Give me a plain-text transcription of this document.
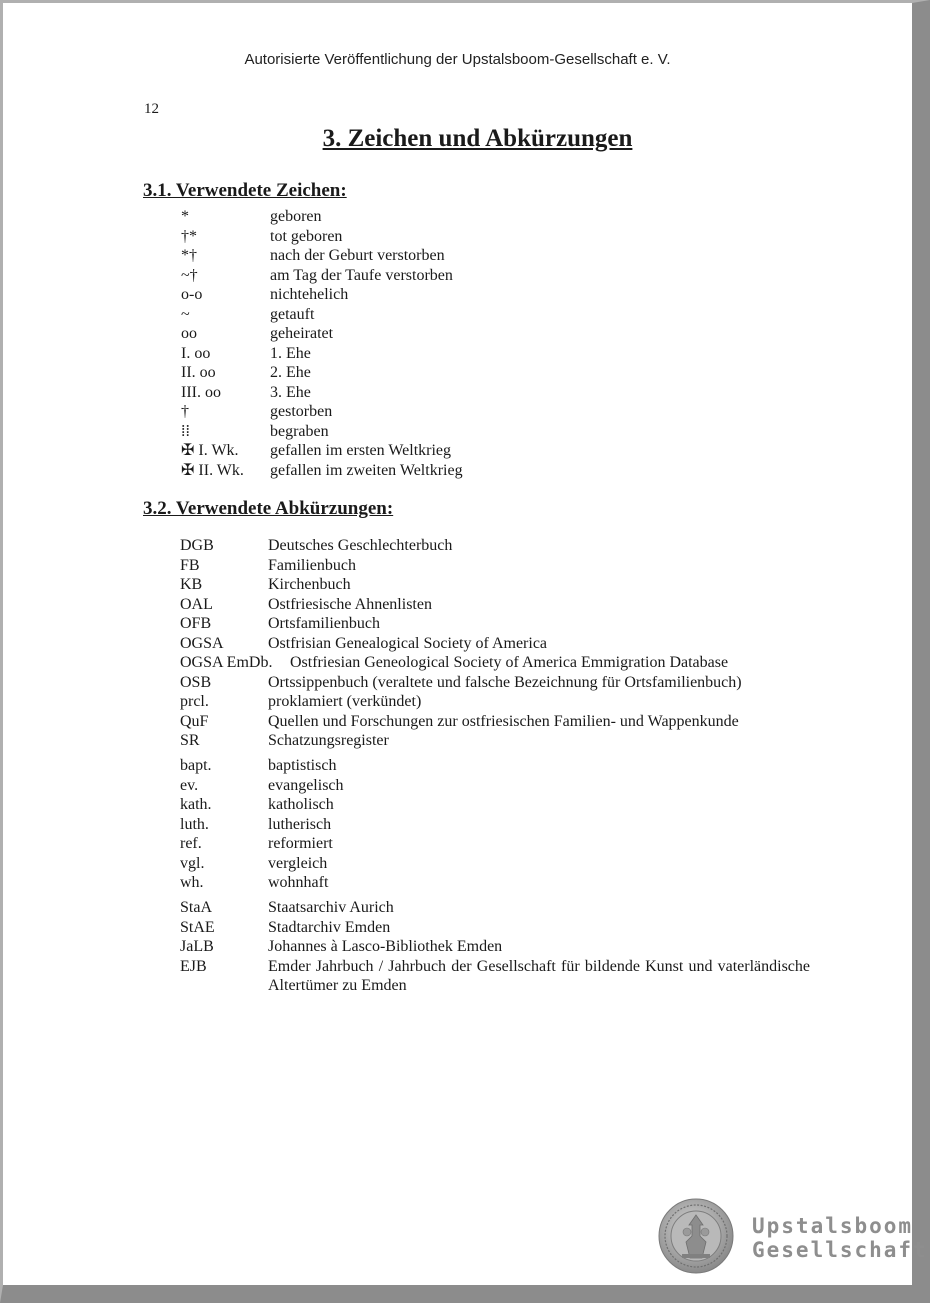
Autorisierte Veröffentlichung der Upstalsboom-Gesellschaft e. V.
12
3. Zeichen und Abkürzungen
3.1. Verwendete Zeichen:
*	geboren
†*	tot geboren
*†	nach der Geburt verstorben
~†	am Tag der Taufe verstorben
o-o	nichtehelich
~	getauft
oo	geheiratet
I. oo	1. Ehe
II. oo	2. Ehe
III. oo	3. Ehe
†	gestorben
⁞⁞	begraben
✠ I. Wk. gefallen im ersten Weltkrieg
✠ II. Wk. gefallen im zweiten Weltkrieg
3.2. Verwendete Abkürzungen:
DGB	Deutsches Geschlechterbuch
FB	Familienbuch
KB	Kirchenbuch
OAL	Ostfriesische Ahnenlisten
OFB	Ortsfamilienbuch
OGSA	Ostfrisian Genealogical Society of America
OGSA EmDb. Ostfriesian Geneological Society of America Emmigration Database
OSB	Ortssippenbuch (veraltete und falsche Bezeichnung für Ortsfamilienbuch)
prcl.	proklamiert (verkündet)
QuF	Quellen und Forschungen zur ostfriesischen Familien- und Wappenkunde
SR	Schatzungsregister
bapt.	baptistisch
ev.	evangelisch
kath.	katholisch
luth.	lutherisch
ref.	reformiert
vgl.	vergleich
wh.	wohnhaft
StaA	Staatsarchiv Aurich
StAE	Stadtarchiv Emden
JaLB	Johannes à Lasco-Bibliothek Emden
EJB	Emder Jahrbuch / Jahrbuch der Gesellschaft für bildende Kunst und vaterländische Altertümer zu Emden
Upstalsboom
Gesellschaft
